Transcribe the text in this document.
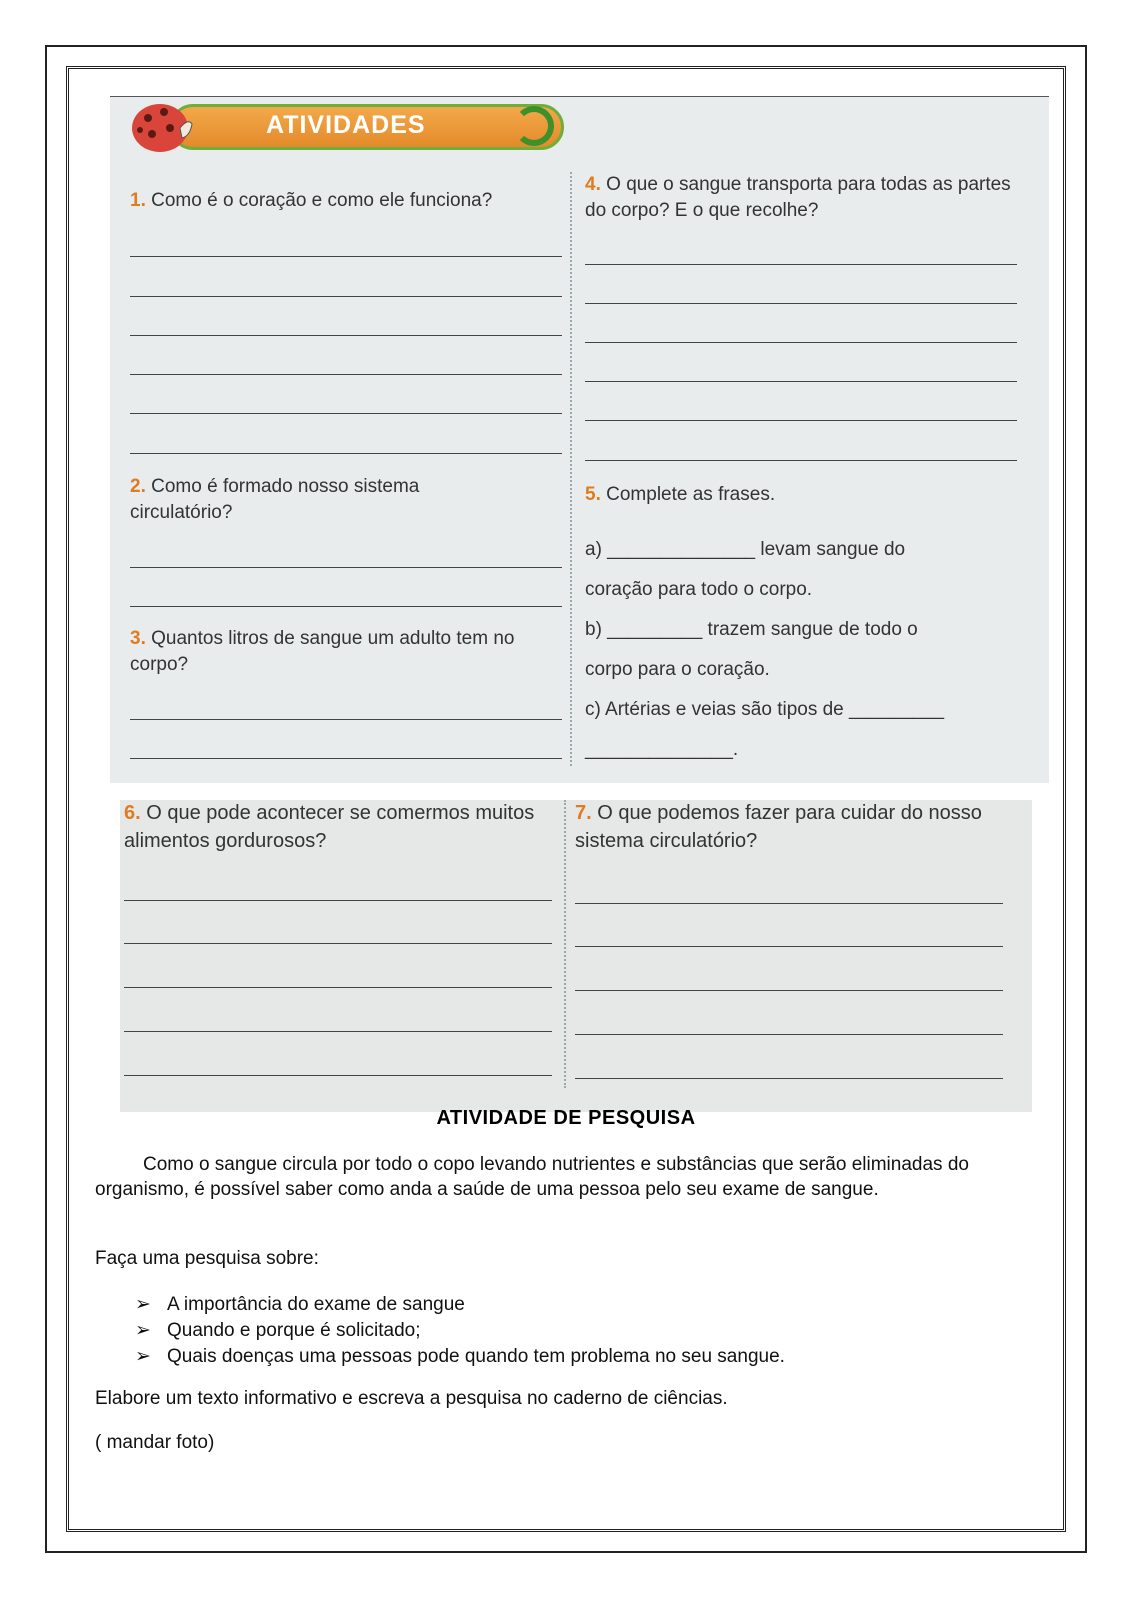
ATIVIDADES
1. Como é o coração e como ele funciona?
2. Como é formado nosso sistema circulatório?
3. Quantos litros de sangue um adulto tem no corpo?
4. O que o sangue transporta para todas as partes do corpo? E o que recolhe?
5. Complete as frases.
a) ______________ levam sangue do
coração para todo o corpo.
b) _________ trazem sangue de todo o
corpo para o coração.
c) Artérias e veias são tipos de _________
______________.
6. O que pode acontecer se comermos muitos alimentos gordurosos?
7. O que podemos fazer para cuidar do nosso sistema circulatório?
ATIVIDADE DE PESQUISA
Como o sangue circula por todo o copo levando nutrientes e substâncias que serão eliminadas do organismo, é possível saber como anda a saúde de uma pessoa pelo seu exame de sangue.
Faça uma pesquisa sobre:
➢ A importância do exame de sangue
➢ Quando e porque é solicitado;
➢ Quais doenças uma pessoas pode quando tem problema no seu sangue.
Elabore um texto informativo e escreva a pesquisa no caderno de ciências.
( mandar foto)
